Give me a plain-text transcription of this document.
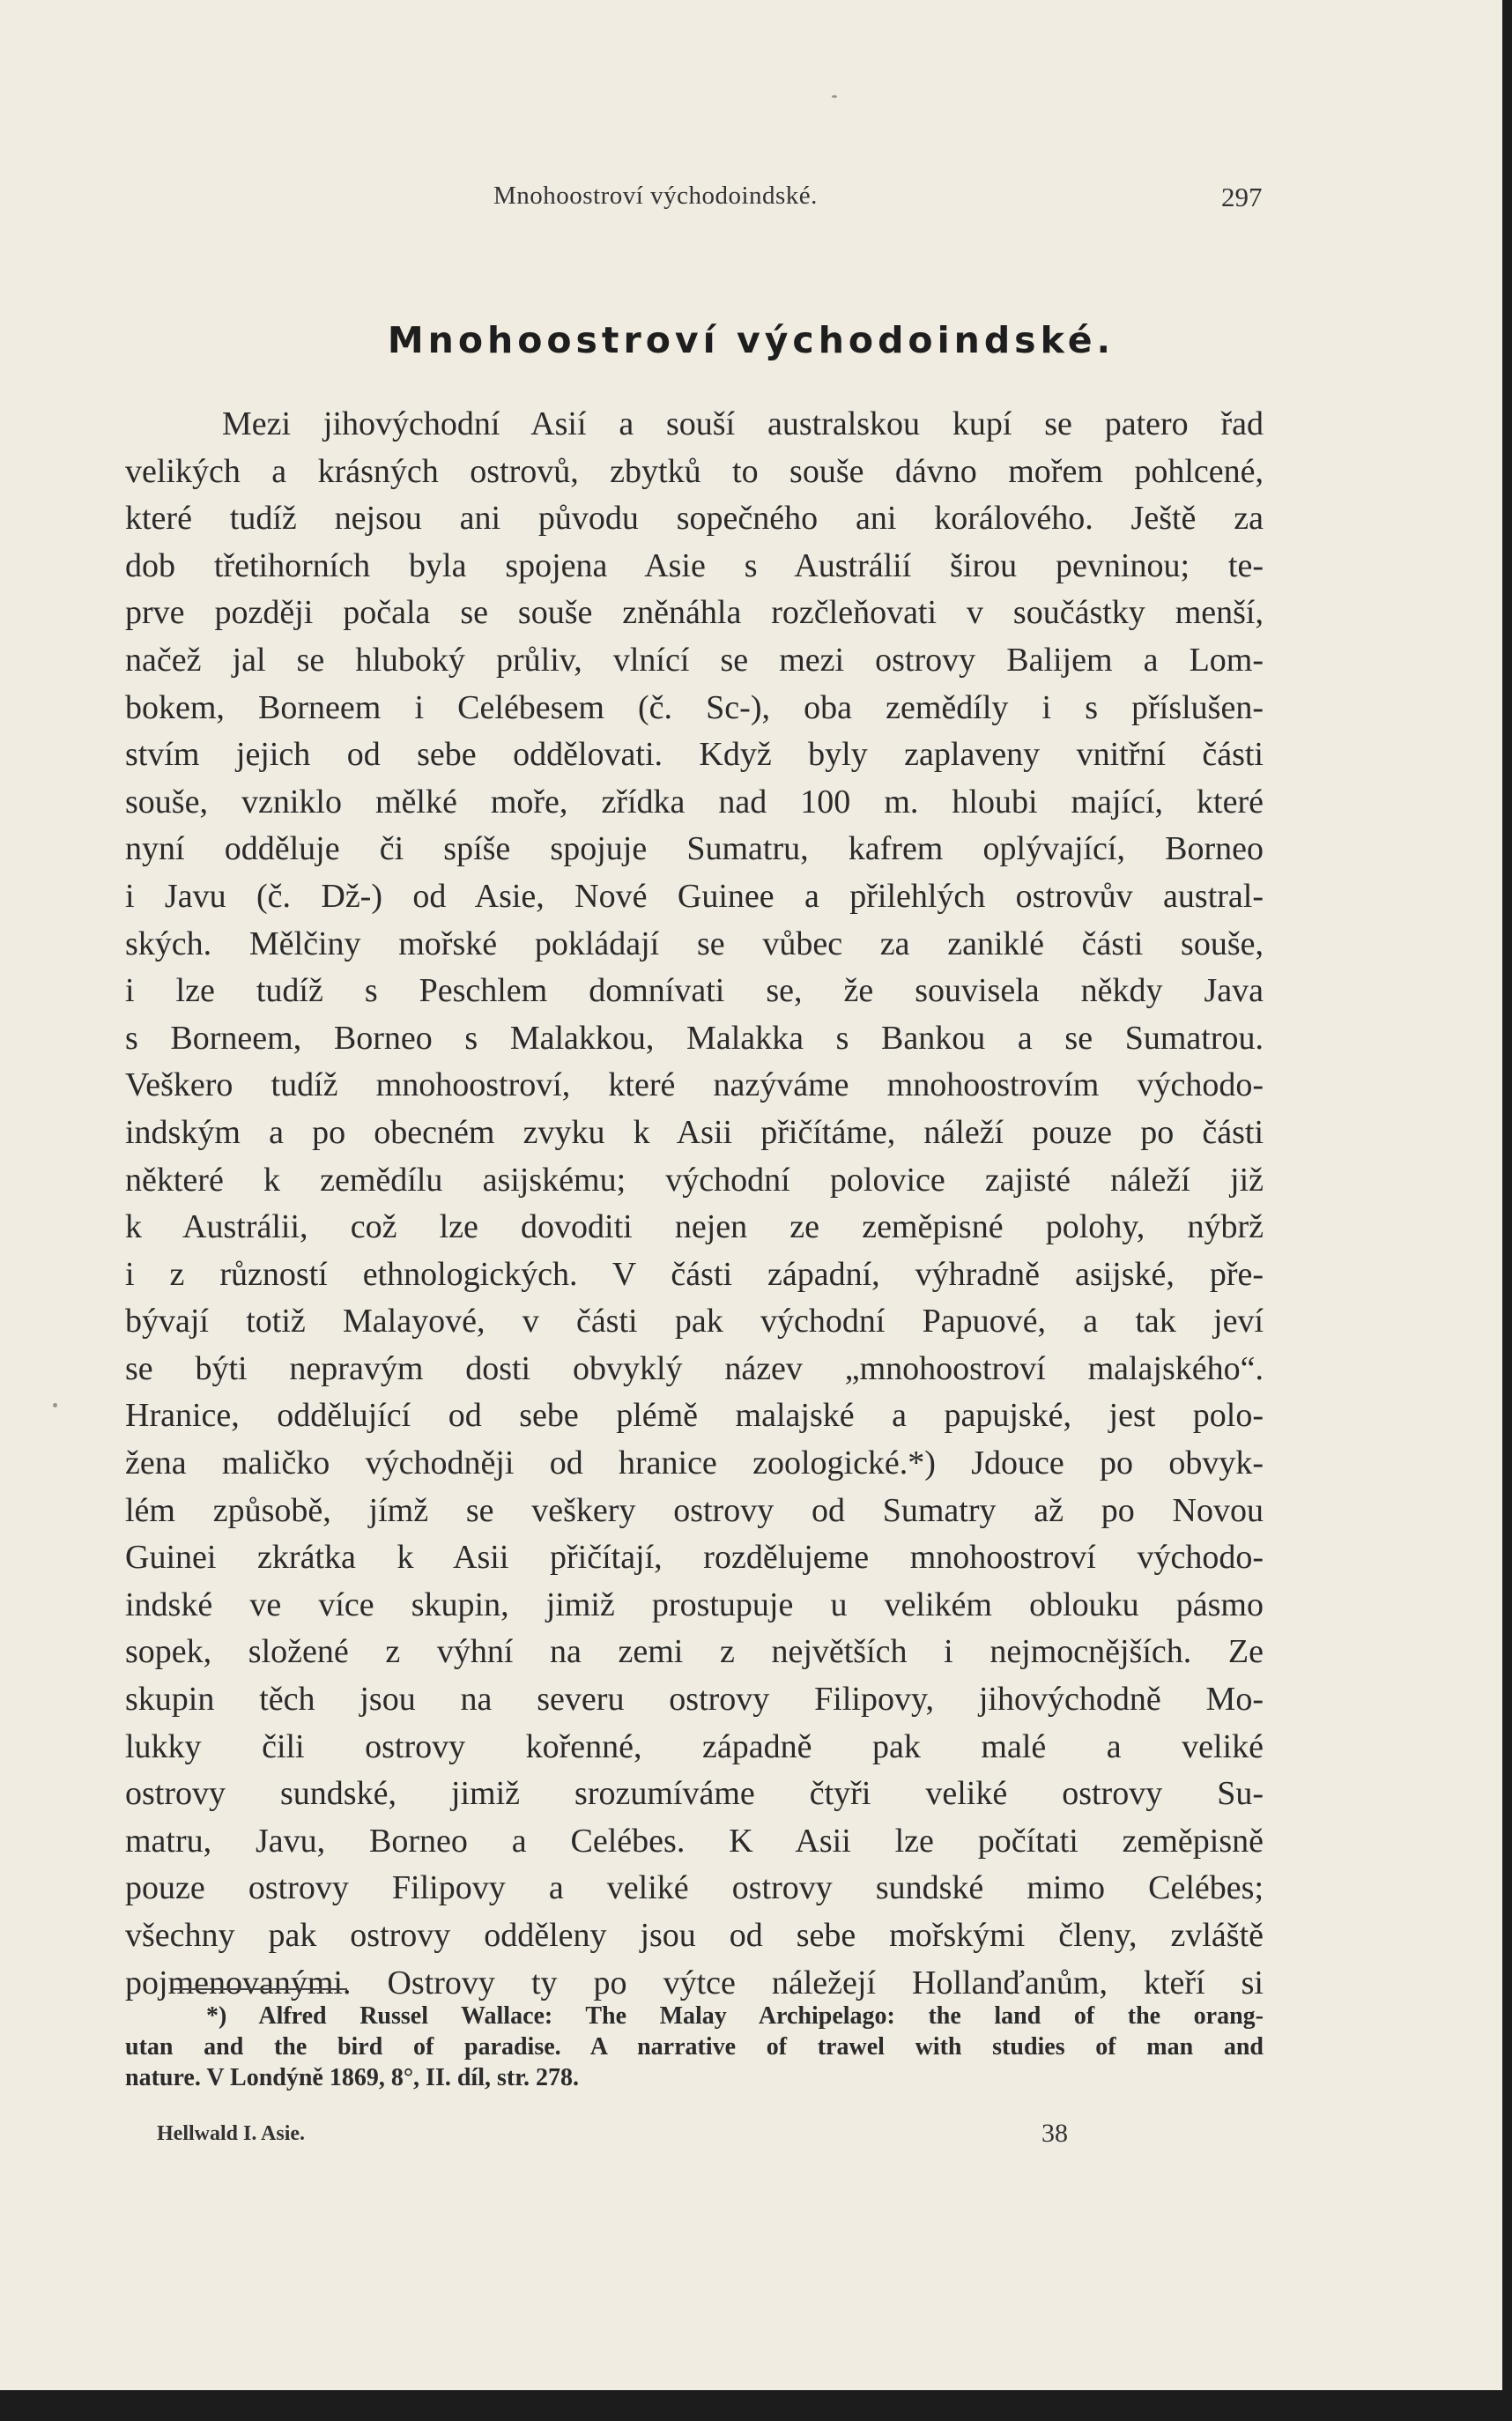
Mnohoostroví východoindské.	297
Mnohoostroví východoindské.
Mezi jihovýchodní Asií a souší australskou kupí se patero řad
velikých a krásných ostrovů, zbytků to souše dávno mořem pohlcené,
které tudíž nejsou ani původu sopečného ani korálového. Ještě za
dob třetihorních byla spojena Asie s Austrálií širou pevninou; te-
prve později počala se souše zněnáhla rozčleňovati v součástky menší,
načež jal se hluboký průliv, vlnící se mezi ostrovy Balijem a Lom-
bokem, Borneem i Celébesem (č. Sc-), oba zemědíly i s příslušen-
stvím jejich od sebe oddělovati. Když byly zaplaveny vnitřní části
souše, vzniklo mělké moře, zřídka nad 100 m. hloubi mající, které
nyní odděluje či spíše spojuje Sumatru, kafrem oplývající, Borneo
i Javu (č. Dž-) od Asie, Nové Guinee a přilehlých ostrovův austral-
ských. Mělčiny mořské pokládají se vůbec za zaniklé části souše,
i lze tudíž s Peschlem domnívati se, že souvisela někdy Java
s Borneem, Borneo s Malakkou, Malakka s Bankou a se Sumatrou.
Veškero tudíž mnohoostroví, které nazýváme mnohoostrovím východo-
indským a po obecném zvyku k Asii přičítáme, náleží pouze po části
některé k zemědílu asijskému; východní polovice zajisté náleží již
k Austrálii, což lze dovoditi nejen ze zeměpisné polohy, nýbrž
i z růzností ethnologických. V části západní, výhradně asijské, pře-
bývají totiž Malayové, v části pak východní Papuové, a tak jeví
se býti nepravým dosti obvyklý název „mnohoostroví malajského“.
Hranice, oddělující od sebe plémě malajské a papujské, jest polo-
žena maličko východněji od hranice zoologické.*) Jdouce po obvyk-
lém způsobě, jímž se veškery ostrovy od Sumatry až po Novou
Guinei zkrátka k Asii přičítají, rozdělujeme mnohoostroví východo-
indské ve více skupin, jimiž prostupuje u velikém oblouku pásmo
sopek, složené z výhní na zemi z největších i nejmocnějších. Ze
skupin těch jsou na severu ostrovy Filipovy, jihovýchodně Mo-
lukky čili ostrovy kořenné, západně pak malé a veliké
ostrovy sundské, jimiž srozumíváme čtyři veliké ostrovy Su-
matru, Javu, Borneo a Celébes. K Asii lze počítati zeměpisně
pouze ostrovy Filipovy a veliké ostrovy sundské mimo Celébes;
všechny pak ostrovy odděleny jsou od sebe mořskými členy, zvláště
pojmenovanými. Ostrovy ty po výtce náležejí Hollanďanům, kteří si
*) Alfred Russel Wallace: The Malay Archipelago: the land of the orang-
utan and the bird of paradise. A narrative of trawel with studies of man and
nature. V Londýně 1869, 8°, II. díl, str. 278.
Hellwald I. Asie.	38
